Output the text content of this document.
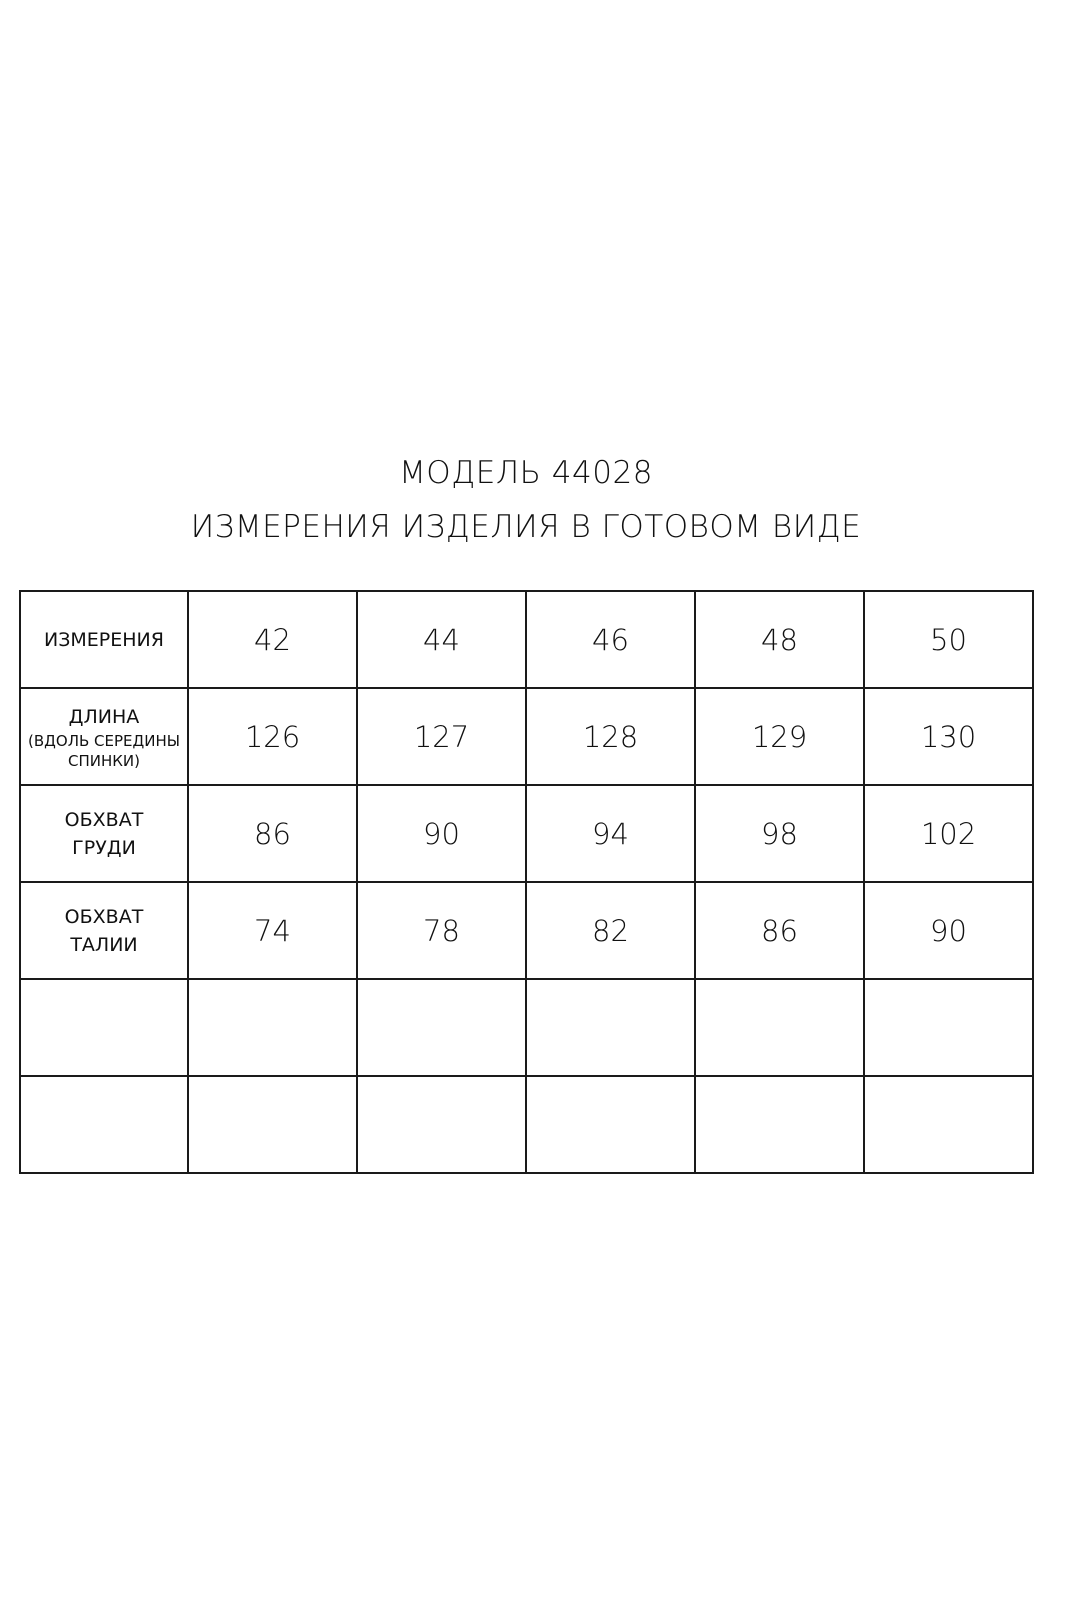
МОДЕЛЬ 44028
ИЗМЕРЕНИЯ ИЗДЕЛИЯ В ГОТОВОМ ВИДЕ
ИЗМЕРЕНИЯ	42	44	46	48	50

ДЛИНА
(ВДОЛЬ СЕРЕДИНЫ
СПИНКИ)	126	127	128	129	130

ОБХВАТ
ГРУДИ	86	90	94	98	102

ОБХВАТ
ТАЛИИ	74	78	82	86	90
